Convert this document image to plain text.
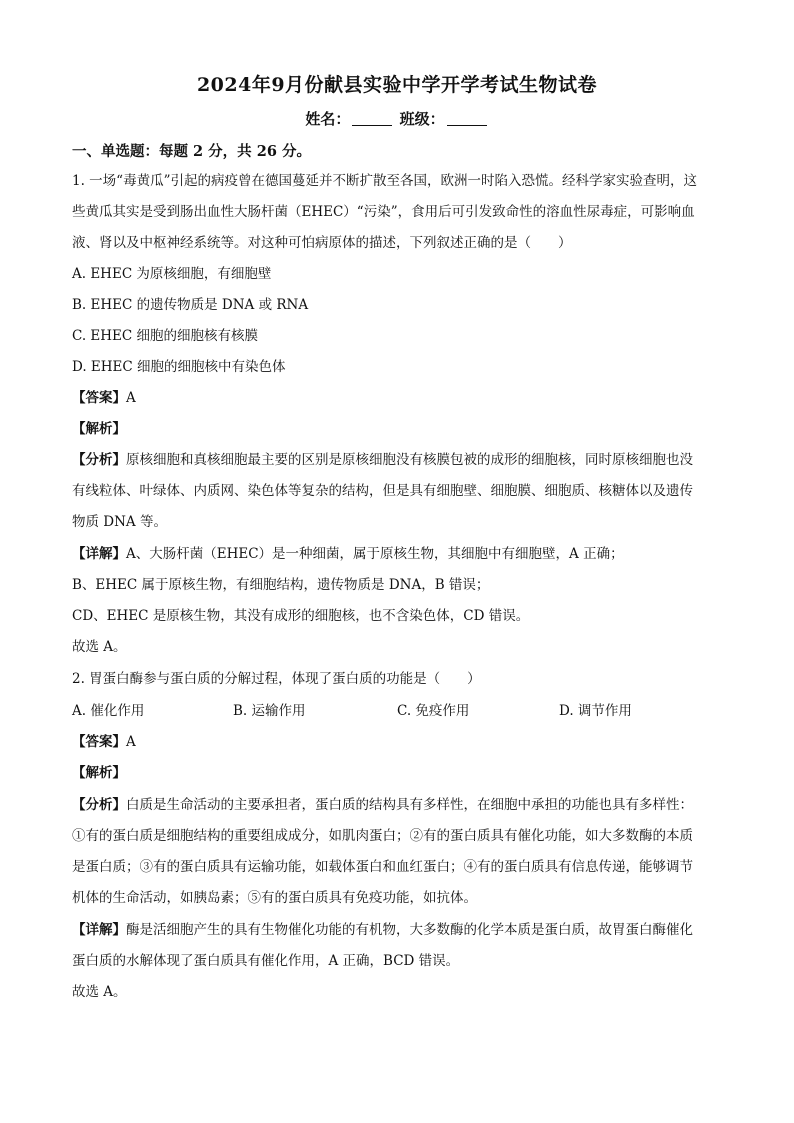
2024年9月份献县实验中学开学考试生物试卷
姓名：	班级：
一、单选题：每题 2 分，共 26 分。
1. 一场“毒黄瓜”引起的病疫曾在德国蔓延并不断扩散至各国，欧洲一时陷入恐慌。经科学家实验查明，这
些黄瓜其实是受到肠出血性大肠杆菌（EHEC）“污染”，食用后可引发致命性的溶血性尿毒症，可影响血
液、肾以及中枢神经系统等。对这种可怕病原体的描述，下列叙述正确的是（　　）
A. EHEC 为原核细胞，有细胞壁
B. EHEC 的遗传物质是 DNA 或 RNA
C. EHEC 细胞的细胞核有核膜
D. EHEC 细胞的细胞核中有染色体
【答案】A
【解析】
【分析】原核细胞和真核细胞最主要的区别是原核细胞没有核膜包被的成形的细胞核，同时原核细胞也没
有线粒体、叶绿体、内质网、染色体等复杂的结构，但是具有细胞壁、细胞膜、细胞质、核糖体以及遗传
物质 DNA 等。
【详解】A、大肠杆菌（EHEC）是一种细菌，属于原核生物，其细胞中有细胞壁，A 正确；
B、EHEC 属于原核生物，有细胞结构，遗传物质是 DNA，B 错误；
CD、EHEC 是原核生物，其没有成形的细胞核，也不含染色体，CD 错误。
故选 A。
2. 胃蛋白酶参与蛋白质的分解过程，体现了蛋白质的功能是（　　）
A. 催化作用	B. 运输作用	C. 免疫作用	D. 调节作用
【答案】A
【解析】
【分析】白质是生命活动的主要承担者，蛋白质的结构具有多样性，在细胞中承担的功能也具有多样性：
①有的蛋白质是细胞结构的重要组成成分，如肌肉蛋白；②有的蛋白质具有催化功能，如大多数酶的本质
是蛋白质；③有的蛋白质具有运输功能，如载体蛋白和血红蛋白；④有的蛋白质具有信息传递，能够调节
机体的生命活动，如胰岛素；⑤有的蛋白质具有免疫功能，如抗体。
【详解】酶是活细胞产生的具有生物催化功能的有机物，大多数酶的化学本质是蛋白质，故胃蛋白酶催化
蛋白质的水解体现了蛋白质具有催化作用，A 正确，BCD 错误。
故选 A。
